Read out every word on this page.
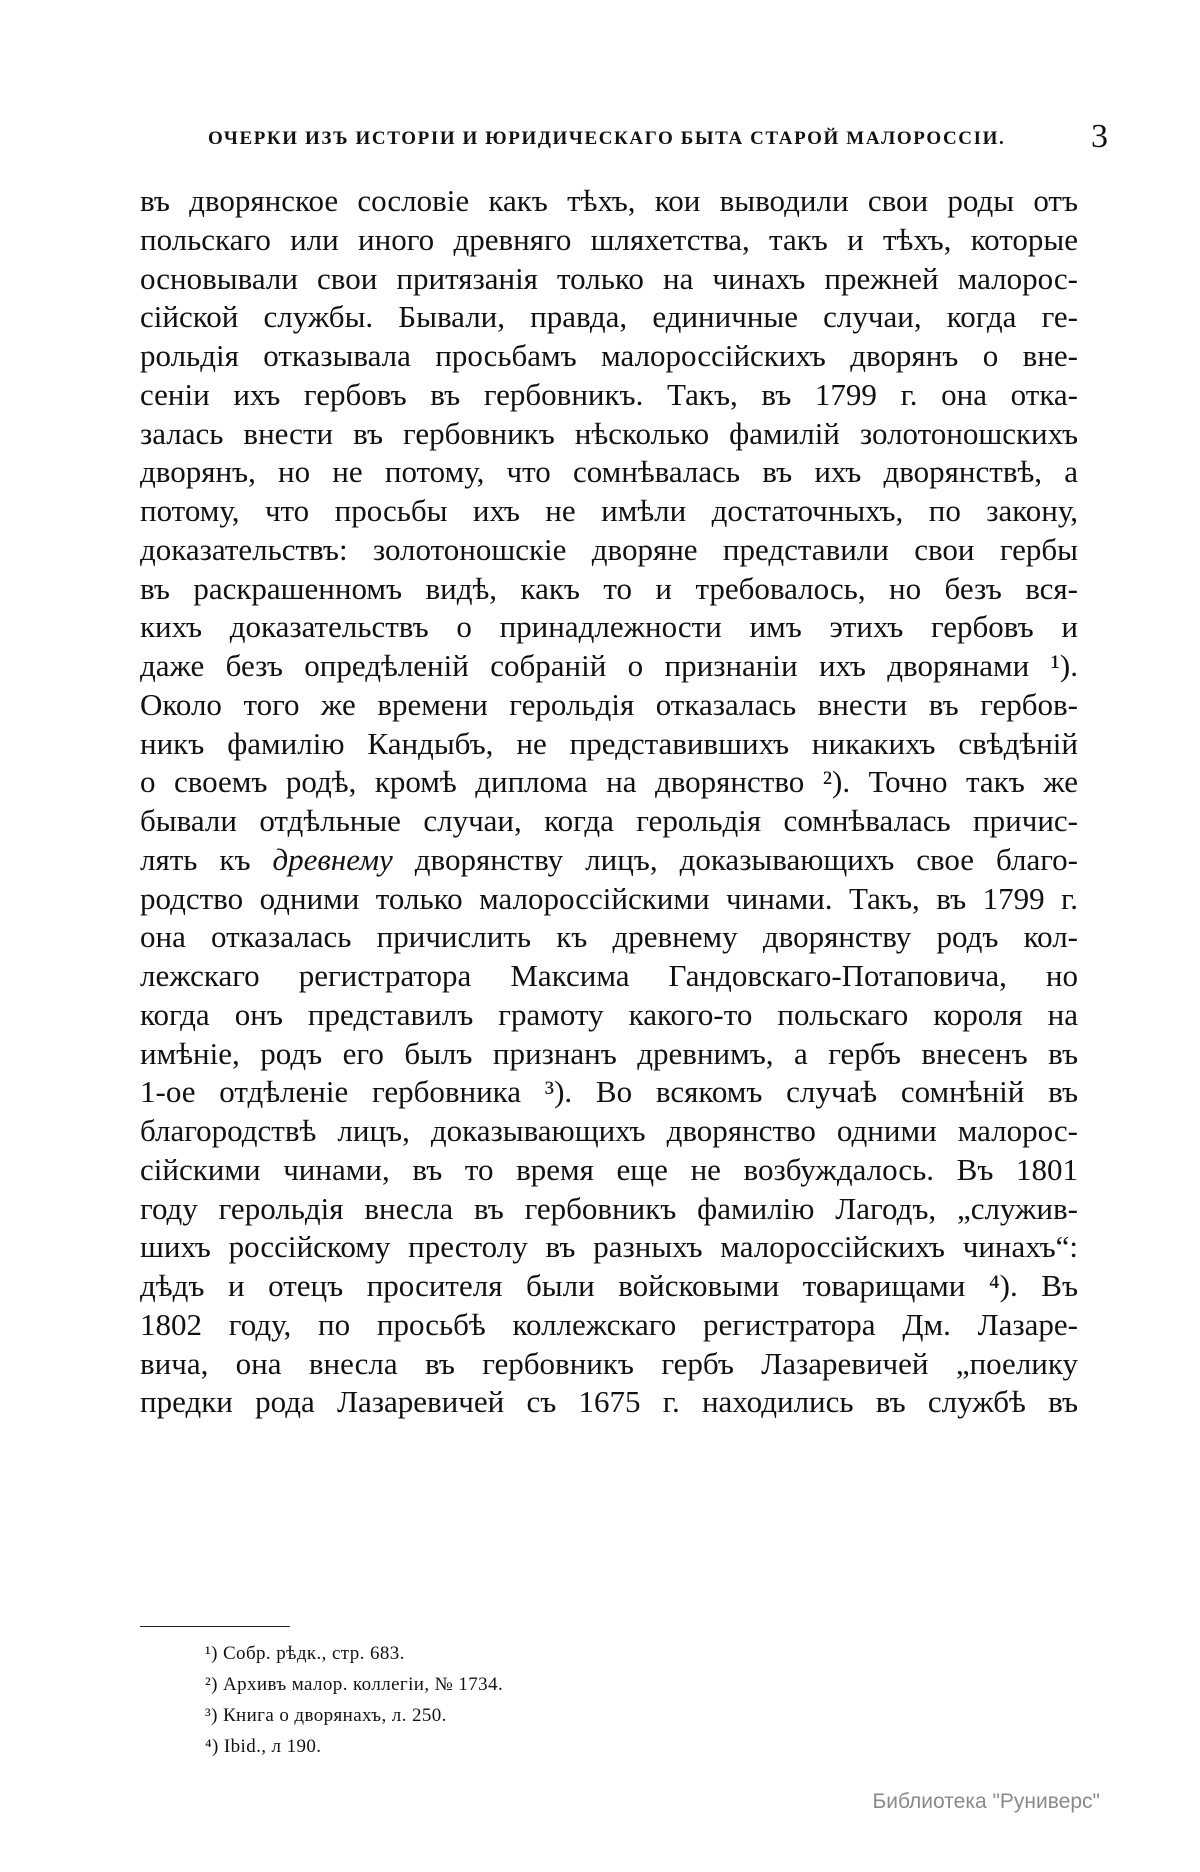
ОЧЕРКИ ИЗЪ ИСТОРІИ И ЮРИДИЧЕСКАГО БЫТА СТАРОЙ МАЛОРОССІИ.	3
въ дворянское сословіе какъ тѣхъ, кои выводили свои роды отъ
польскаго или иного древняго шляхетства, такъ и тѣхъ, которые
основывали свои притязанія только на чинахъ прежней малорос-
сійской службы. Бывали, правда, единичные случаи, когда ге-
рольдія отказывала просьбамъ малороссійскихъ дворянъ о вне-
сеніи ихъ гербовъ въ гербовникъ. Такъ, въ 1799 г. она отка-
залась внести въ гербовникъ нѣсколько фамилій золотоношскихъ
дворянъ, но не потому, что сомнѣвалась въ ихъ дворянствѣ, а
потому, что просьбы ихъ не имѣли достаточныхъ, по закону,
доказательствъ: золотоношскіе дворяне представили свои гербы
въ раскрашенномъ видѣ, какъ то и требовалось, но безъ вся-
кихъ доказательствъ о принадлежности имъ этихъ гербовъ и
даже безъ опредѣленій собраній о признаніи ихъ дворянами ¹).
Около того же времени герольдія отказалась внести въ гербов-
никъ фамилію Кандыбъ, не представившихъ никакихъ свѣдѣній
о своемъ родѣ, кромѣ диплома на дворянство ²). Точно такъ же
бывали отдѣльные случаи, когда герольдія сомнѣвалась причис-
лять къ древнему дворянству лицъ, доказывающихъ свое благо-
родство одними только малороссійскими чинами. Такъ, въ 1799 г.
она отказалась причислить къ древнему дворянству родъ кол-
лежскаго регистратора Максима Гандовскаго-Потаповича, но
когда онъ представилъ грамоту какого-то польскаго короля на
имѣніе, родъ его былъ признанъ древнимъ, а гербъ внесенъ въ
1-ое отдѣленіе гербовника ³). Во всякомъ случаѣ сомнѣній въ
благородствѣ лицъ, доказывающихъ дворянство одними малорос-
сійскими чинами, въ то время еще не возбуждалось. Въ 1801
году герольдія внесла въ гербовникъ фамилію Лагодъ, „служив-
шихъ россійскому престолу въ разныхъ малороссійскихъ чинахъ“:
дѣдъ и отецъ просителя были войсковыми товарищами ⁴). Въ
1802 году, по просьбѣ коллежскаго регистратора Дм. Лазаре-
вича, она внесла въ гербовникъ гербъ Лазаревичей „поелику
предки рода Лазаревичей съ 1675 г. находились въ службѣ въ
¹) Собр. рѣдк., стр. 683.
²) Архивъ малор. коллегіи, № 1734.
³) Книга о дворянахъ, л. 250.
⁴) Ibid., л 190.
Библиотека "Руниверс"
